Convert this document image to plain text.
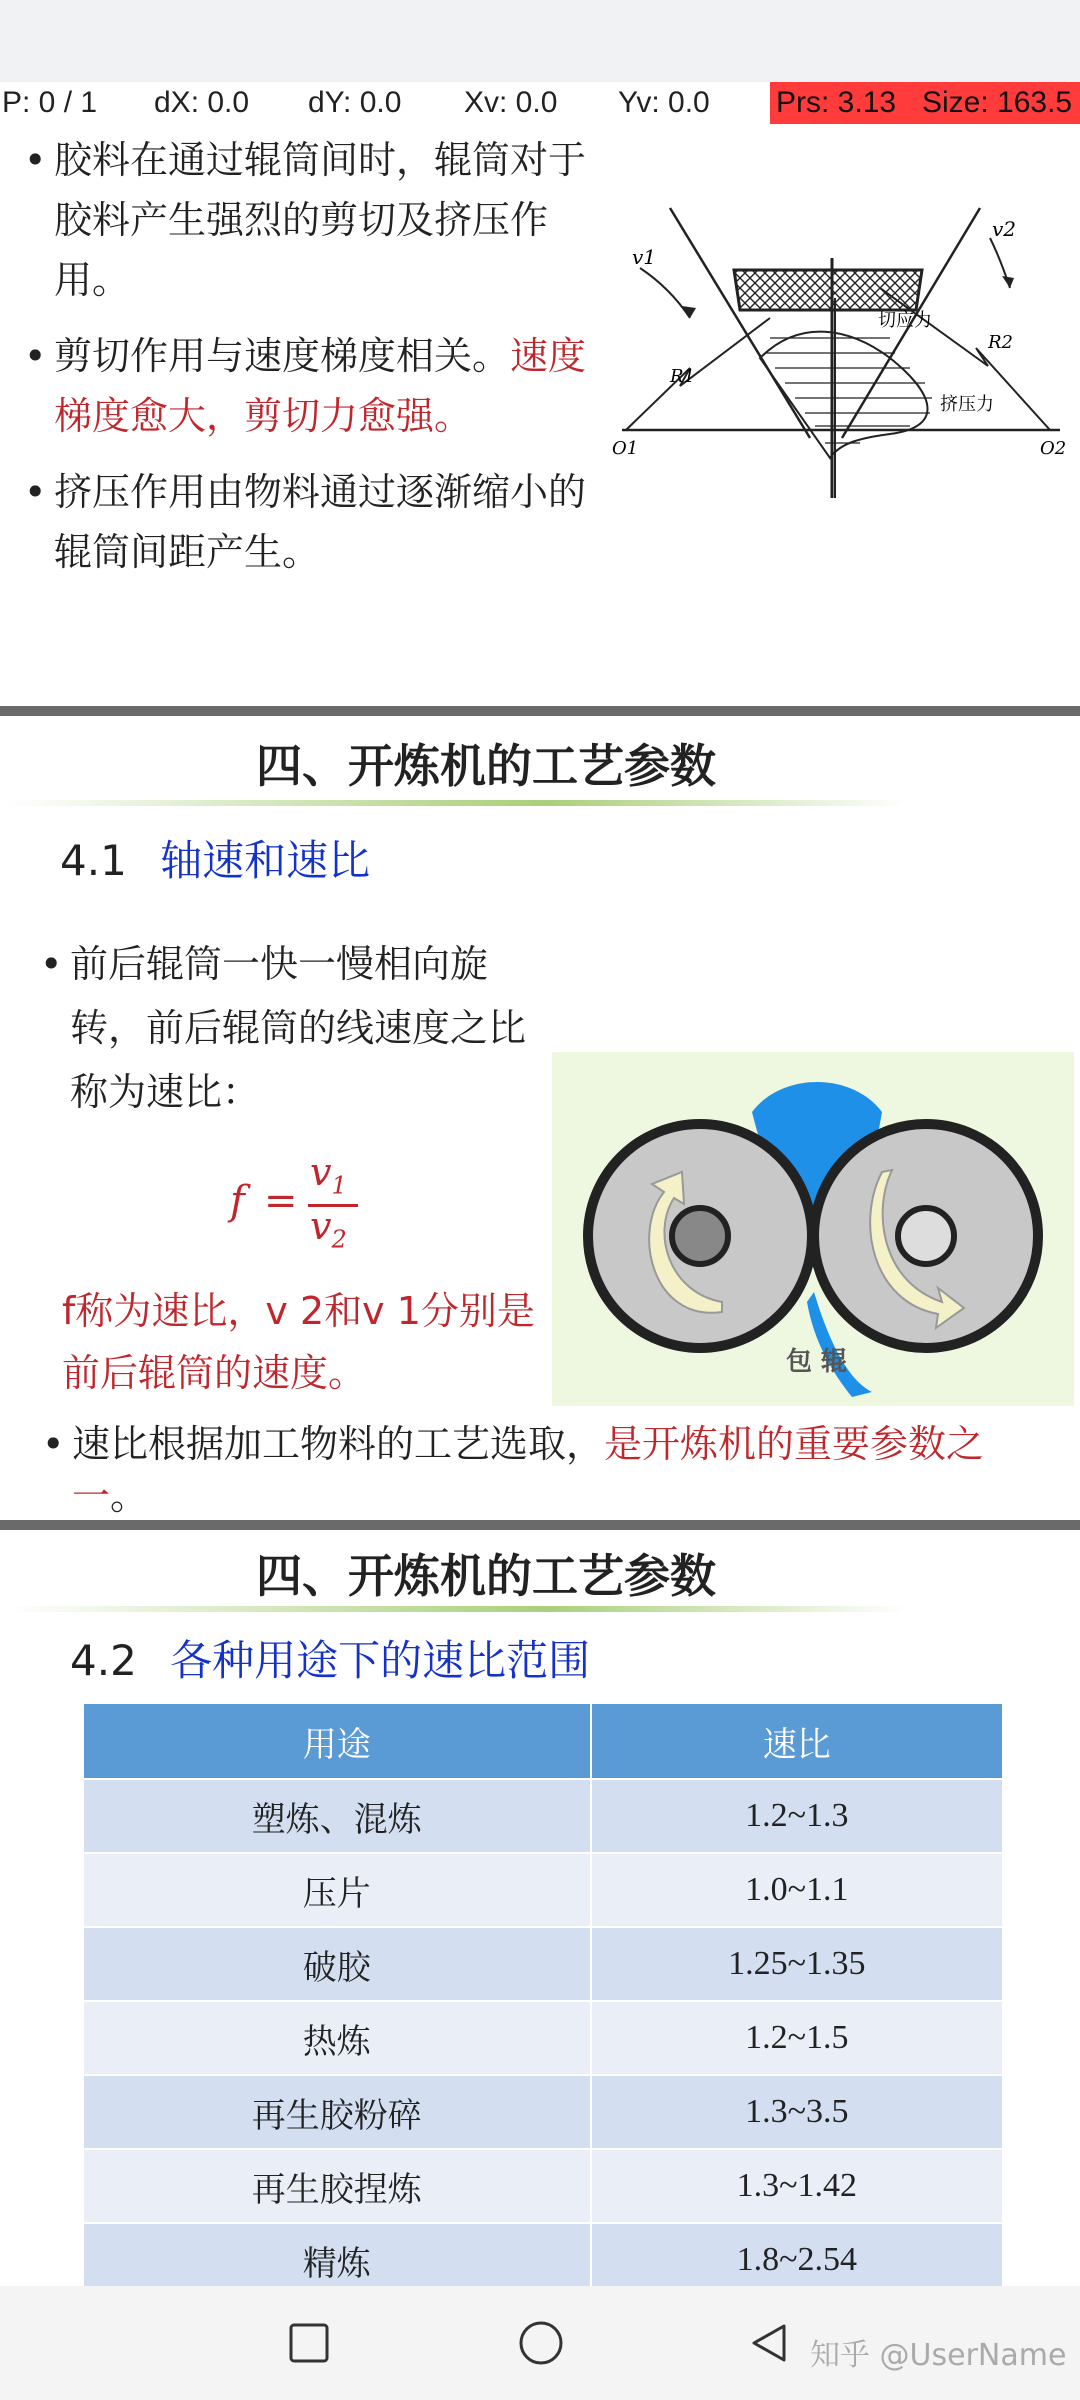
P: 0 / 1 dX: 0.0 dY: 0.0 Xv: 0.0 Yv: 0.0 Prs: 3.13 Size: 163.5
• 胶料在通过辊筒间时，辊筒对于胶料产生强烈的剪切及挤压作用。
• 剪切作用与速度梯度相关。速度梯度愈大，剪切力愈强。
• 挤压作用由物料通过逐渐缩小的辊筒间距产生。
v1
v2
R1
R2
O1	O2
切应力
挤压力
四、开炼机的工艺参数
4.1 轴速和速比
• 前后辊筒一快一慢相向旋转，前后辊筒的线速度之比称为速比：
f =
$v_1$
$v_2$
f称为速比，v 2和v 1分别是前后辊筒的速度。	包 辊
• 速比根据加工物料的工艺选取，是开炼机的重要参数之一。
四、开炼机的工艺参数
4.2 各种用途下的速比范围
用途	速比
塑炼、混炼	1.2~1.3
压片	1.0~1.1
破胶	1.25~1.35
热炼	1.2~1.5
再生胶粉碎	1.3~3.5
再生胶捏炼	1.3~1.42
精炼	1.8~2.54
知乎 @UserName
